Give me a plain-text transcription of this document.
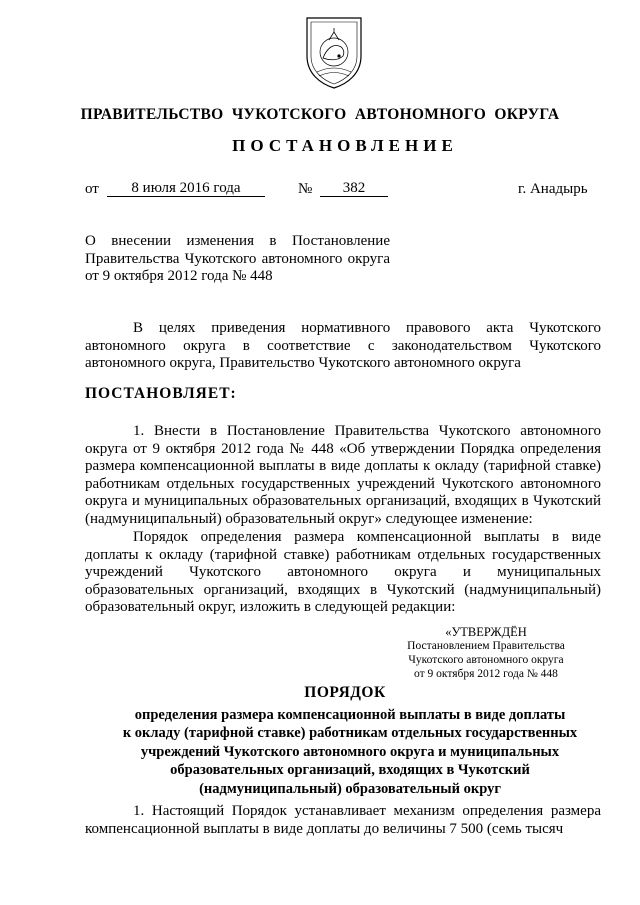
ПРАВИТЕЛЬСТВО  ЧУКОТСКОГО  АВТОНОМНОГО  ОКРУГА
ПОСТАНОВЛЕНИЕ
от	8 июля 2016 года	№	382	г. Анадырь

О внесении изменения в Постановление Правительства Чукотского автономного округа от 9 октября 2012 года № 448

В целях приведения нормативного правового акта Чукотского автономного округа в соответствие с законодательством Чукотского автономного округа, Правительство Чукотского автономного округа

ПОСТАНОВЛЯЕТ:

1. Внести в Постановление Правительства Чукотского автономного округа от 9 октября 2012 года № 448 «Об утверждении Порядка определения размера компенсационной выплаты в виде доплаты к окладу (тарифной ставке) работникам отдельных государственных учреждений Чукотского автономного округа и муниципальных образовательных организаций, входящих в Чукотский (надмуниципальный) образовательный округ» следующее изменение:

Порядок определения размера компенсационной выплаты в виде доплаты к окладу (тарифной ставке) работникам отдельных государственных учреждений Чукотского автономного округа и муниципальных образовательных организаций, входящих в Чукотский (надмуниципальный) образовательный округ, изложить в следующей редакции:

«УТВЕРЖДЁН
Постановлением Правительства
Чукотского автономного округа
от 9 октября 2012 года № 448
ПОРЯДОК
определения размера компенсационной выплаты в виде доплаты
к окладу (тарифной ставке) работникам отдельных государственных
учреждений Чукотского автономного округа и муниципальных
образовательных организаций, входящих в Чукотский
(надмуниципальный) образовательный округ

1. Настоящий Порядок устанавливает механизм определения размера компенсационной выплаты в виде доплаты до величины 7 500 (семь тысяч
